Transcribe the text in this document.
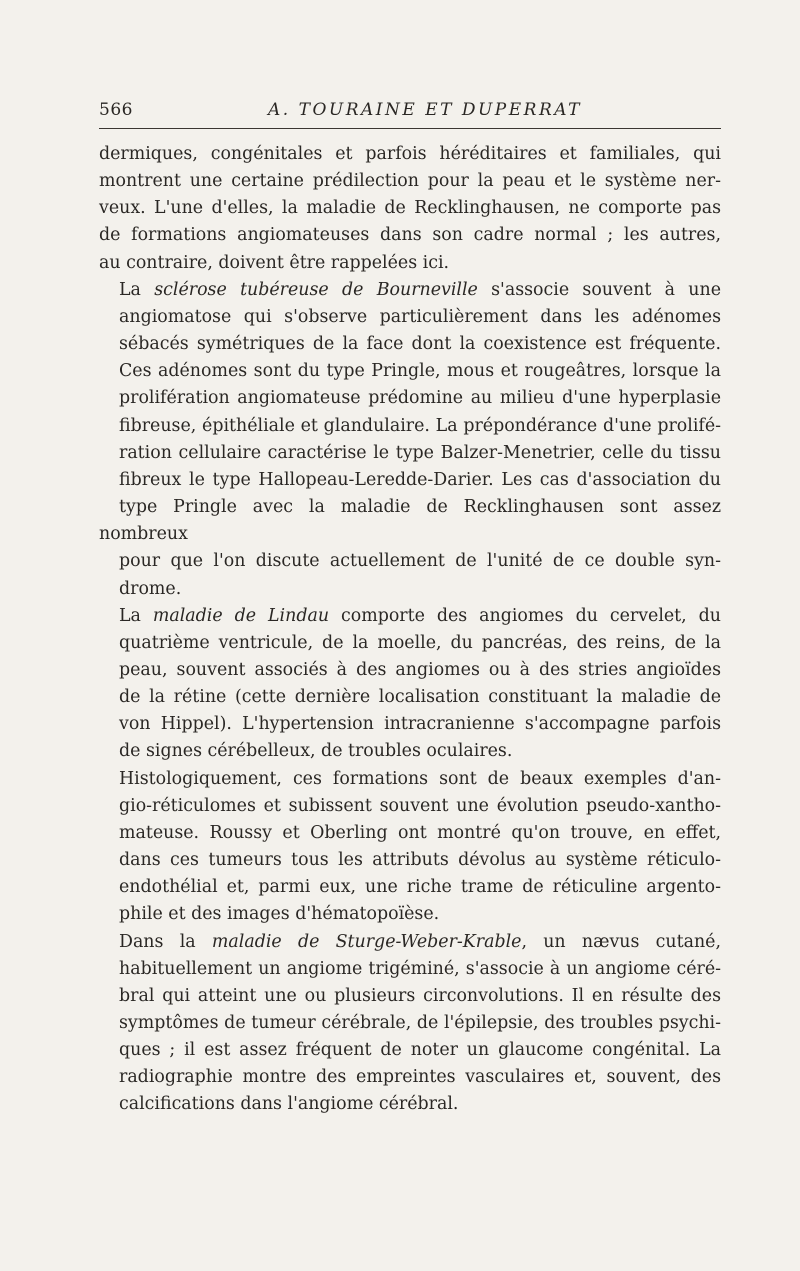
566	A. TOURAINE ET DUPERRAT
dermiques, congénitales et parfois héréditaires et familiales, qui
montrent une certaine prédilection pour la peau et le système ner-
veux. L'une d'elles, la maladie de Recklinghausen, ne comporte pas
de formations angiomateuses dans son cadre normal ; les autres,
au contraire, doivent être rappelées ici.
La sclérose tubéreuse de Bourneville s'associe souvent à une
angiomatose qui s'observe particulièrement dans les adénomes
sébacés symétriques de la face dont la coexistence est fréquente.
Ces adénomes sont du type Pringle, mous et rougeâtres, lorsque la
prolifération angiomateuse prédomine au milieu d'une hyperplasie
fibreuse, épithéliale et glandulaire. La prépondérance d'une prolifé-
ration cellulaire caractérise le type Balzer-Menetrier, celle du tissu
fibreux le type Hallopeau-Leredde-Darier. Les cas d'association du
type Pringle avec la maladie de Recklinghausen sont assez nombreux
pour que l'on discute actuellement de l'unité de ce double syn-
drome.
La maladie de Lindau comporte des angiomes du cervelet, du
quatrième ventricule, de la moelle, du pancréas, des reins, de la
peau, souvent associés à des angiomes ou à des stries angioïdes
de la rétine (cette dernière localisation constituant la maladie de
von Hippel). L'hypertension intracranienne s'accompagne parfois
de signes cérébelleux, de troubles oculaires.
Histologiquement, ces formations sont de beaux exemples d'an-
gio-réticulomes et subissent souvent une évolution pseudo-xantho-
mateuse. Roussy et Oberling ont montré qu'on trouve, en effet,
dans ces tumeurs tous les attributs dévolus au système réticulo-
endothélial et, parmi eux, une riche trame de réticuline argento-
phile et des images d'hématopoïèse.
Dans la maladie de Sturge-Weber-Krable, un nævus cutané,
habituellement un angiome trigéminé, s'associe à un angiome céré-
bral qui atteint une ou plusieurs circonvolutions. Il en résulte des
symptômes de tumeur cérébrale, de l'épilepsie, des troubles psychi-
ques ; il est assez fréquent de noter un glaucome congénital. La
radiographie montre des empreintes vasculaires et, souvent, des
calcifications dans l'angiome cérébral.
